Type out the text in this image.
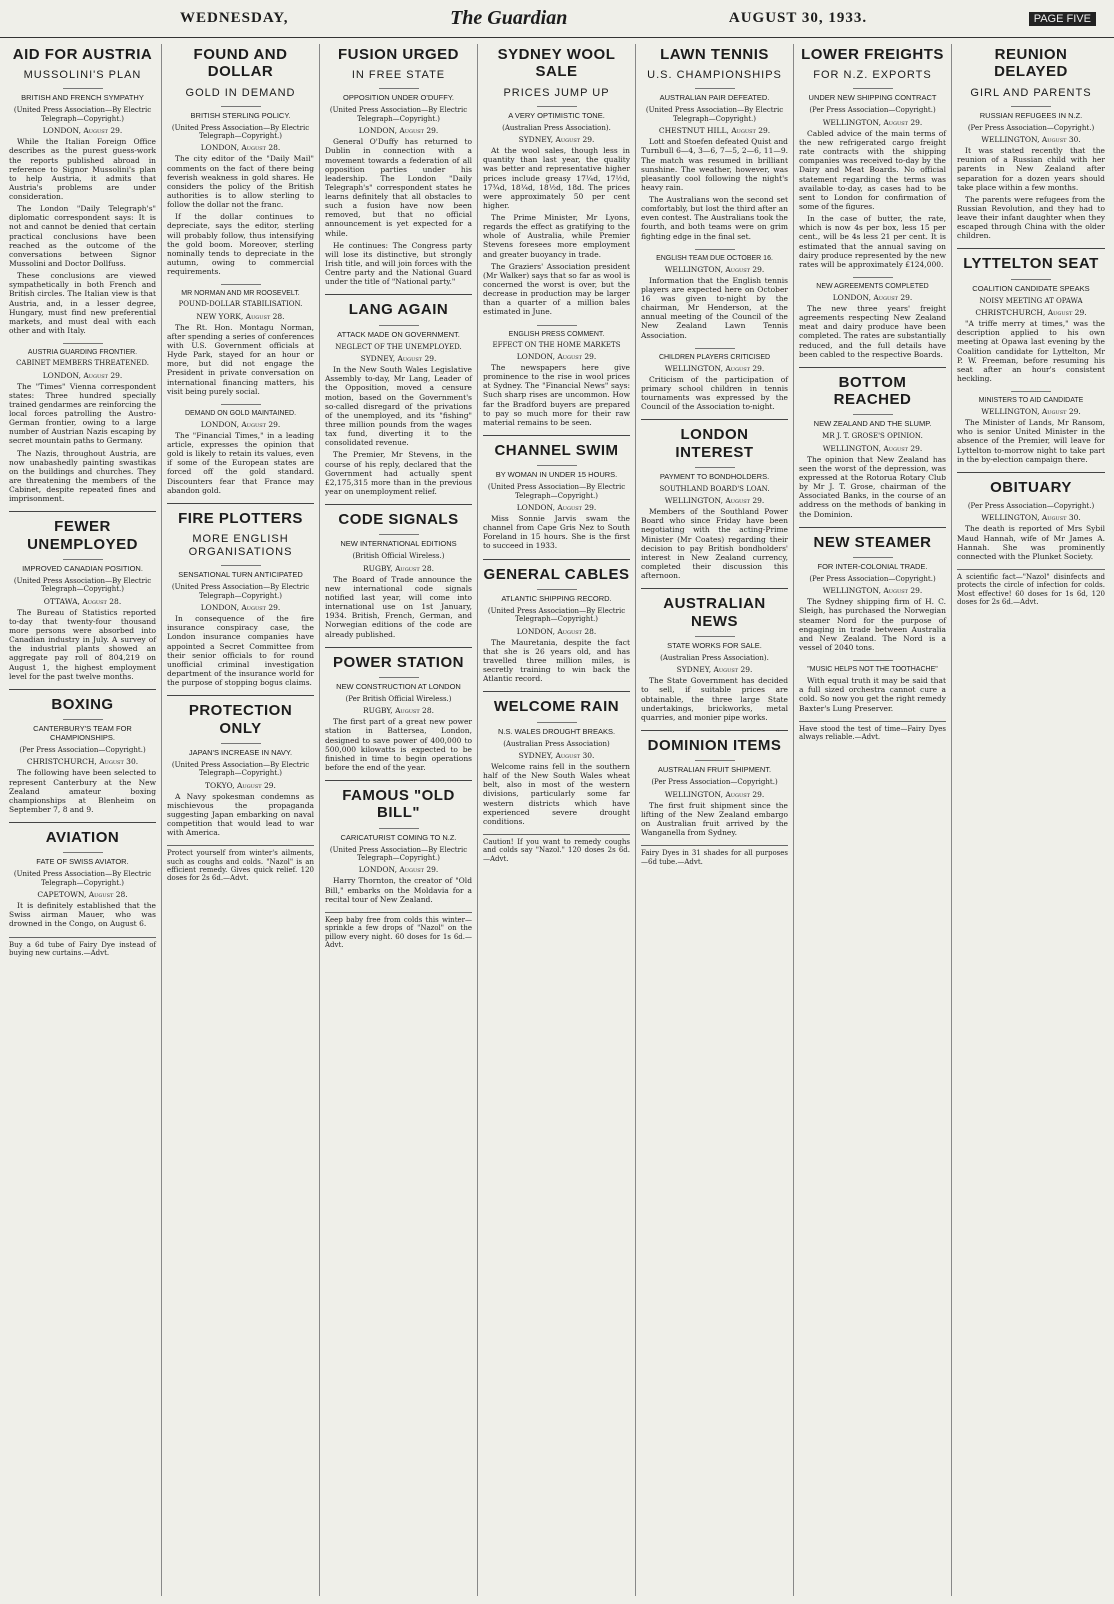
WEDNESDAY,	The Guardian	AUGUST 30, 1933.	PAGE FIVE
AID FOR AUSTRIA
MUSSOLINI'S PLAN
BRITISH AND FRENCH SYMPATHY
(United Press Association—By Electric Telegraph—Copyright.)
LONDON, August 29.
While the Italian Foreign Office describes as the purest guess-work the reports published abroad in reference to Signor Mussolini's plan to help Austria, it admits that Austria's problems are under consideration.
The London "Daily Telegraph's" diplomatic correspondent says: It is not and cannot be denied that certain practical conclusions have been reached as the outcome of the conversations between Signor Mussolini and Doctor Dollfuss.
These conclusions are viewed sympathetically in both French and British circles. The Italian view is that Austria, and, in a lesser degree, Hungary, must find new preferential markets, and must deal with each other and with Italy.
AUSTRIA GUARDING FRONTIER.
CABINET MEMBERS THREATENED.
LONDON, August 29.
The "Times" Vienna correspondent states: Three hundred specially trained gendarmes are reinforcing the local forces patrolling the Austro-German frontier, owing to a large number of Austrian Nazis escaping by secret mountain paths to Germany.
The Nazis, throughout Austria, are now unabashedly painting swastikas on the buildings and churches. They are threatening the members of the Cabinet, despite repeated fines and imprisonment.
FEWER UNEMPLOYED
IMPROVED CANADIAN POSITION.
(United Press Association—By Electric Telegraph—Copyright.)
OTTAWA, August 28.
The Bureau of Statistics reported to-day that twenty-four thousand more persons were absorbed into Canadian industry in July. A survey of the industrial plants showed an aggregate pay roll of 804,219 on August 1, the highest employment level for the past twelve months.
BOXING
CANTERBURY'S TEAM FOR CHAMPIONSHIPS.
(Per Press Association—Copyright.)
CHRISTCHURCH, August 30.
The following have been selected to represent Canterbury at the New Zealand amateur boxing championships at Blenheim on September 7, 8 and 9.
AVIATION
FATE OF SWISS AVIATOR.
(United Press Association—By Electric Telegraph—Copyright.)
CAPETOWN, August 28.
It is definitely established that the Swiss airman Mauer, who was drowned in the Congo, on August 6.
Buy a 6d tube of Fairy Dye instead of buying new curtains.—Advt.
FOUND AND DOLLAR
GOLD IN DEMAND
BRITISH STERLING POLICY.
(United Press Association—By Electric Telegraph—Copyright.)
LONDON, August 28.
The city editor of the "Daily Mail" comments on the fact of there being feverish weakness in gold shares. He considers the policy of the British authorities is to allow sterling to follow the dollar not the franc.
If the dollar continues to depreciate, says the editor, sterling will probably follow, thus intensifying the gold boom. Moreover, sterling nominally tends to depreciate in the autumn, owing to commercial requirements.
MR NORMAN AND MR ROOSEVELT.
POUND-DOLLAR STABILISATION.
NEW YORK, August 28.
The Rt. Hon. Montagu Norman, after spending a series of conferences with U.S. Government officials at Hyde Park, stayed for an hour or more, but did not engage the President in private conversation on international financing matters, his visit being purely social.
DEMAND ON GOLD MAINTAINED.
LONDON, August 29.
The "Financial Times," in a leading article, expresses the opinion that gold is likely to retain its values, even if some of the European states are forced off the gold standard. Discounters fear that France may abandon gold.
FIRE PLOTTERS
MORE ENGLISH ORGANISATIONS
SENSATIONAL TURN ANTICIPATED
(United Press Association—By Electric Telegraph—Copyright.)
LONDON, August 29.
In consequence of the fire insurance conspiracy case, the London insurance companies have appointed a Secret Committee from their senior officials to for round unofficial criminal investigation department of the insurance world for the purpose of stopping bogus claims.
PROTECTION ONLY
JAPAN'S INCREASE IN NAVY.
(United Press Association—By Electric Telegraph—Copyright.)
TOKYO, August 29.
A Navy spokesman condemns as mischievous the propaganda suggesting Japan embarking on naval competition that would lead to war with America.
Protect yourself from winter's ailments, such as coughs and colds. "Nazol" is an efficient remedy. Gives quick relief. 120 doses for 2s 6d.—Advt.
FUSION URGED
IN FREE STATE
OPPOSITION UNDER O'DUFFY.
(United Press Association—By Electric Telegraph—Copyright.)
LONDON, August 29.
General O'Duffy has returned to Dublin in connection with a movement towards a federation of all opposition parties under his leadership. The London "Daily Telegraph's" correspondent states he learns definitely that all obstacles to such a fusion have now been removed, but that no official announcement is yet expected for a while.
He continues: The Congress party will lose its distinctive, but strongly Irish title, and will join forces with the Centre party and the National Guard under the title of "National party."
LANG AGAIN
ATTACK MADE ON GOVERNMENT.
NEGLECT OF THE UNEMPLOYED.
SYDNEY, August 29.
In the New South Wales Legislative Assembly to-day, Mr Lang, Leader of the Opposition, moved a censure motion, based on the Government's so-called disregard of the privations of the unemployed, and its "fishing" three million pounds from the wages tax fund, diverting it to the consolidated revenue.
The Premier, Mr Stevens, in the course of his reply, declared that the Government had actually spent £2,175,315 more than in the previous year on unemployment relief.
CODE SIGNALS
NEW INTERNATIONAL EDITIONS
(British Official Wireless.)
RUGBY, August 28.
The Board of Trade announce the new international code signals notified last year, will come into international use on 1st January, 1934. British, French, German, and Norwegian editions of the code are already published.
POWER STATION
NEW CONSTRUCTION AT LONDON
(Per British Official Wireless.)
RUGBY, August 28.
The first part of a great new power station in Battersea, London, designed to save power of 400,000 to 500,000 kilowatts is expected to be finished in time to begin operations before the end of the year.
FAMOUS "OLD BILL"
CARICATURIST COMING TO N.Z.
(United Press Association—By Electric Telegraph—Copyright.)
LONDON, August 29.
Harry Thornton, the creator of "Old Bill," embarks on the Moldavia for a recital tour of New Zealand.
Keep baby free from colds this winter—sprinkle a few drops of "Nazol" on the pillow every night. 60 doses for 1s 6d.—Advt.
SYDNEY WOOL SALE
PRICES JUMP UP
A VERY OPTIMISTIC TONE.
(Australian Press Association).
SYDNEY, August 29.
At the wool sales, though less in quantity than last year, the quality was better and representative higher prices include greasy 17¼d, 17½d, 17¾d, 18¼d, 18½d, 18d. The prices were approximately 50 per cent higher.
The Prime Minister, Mr Lyons, regards the effect as gratifying to the whole of Australia, while Premier Stevens foresees more employment and greater buoyancy in trade.
The Graziers' Association president (Mr Walker) says that so far as wool is concerned the worst is over, but the decrease in production may be larger than a quarter of a million bales estimated in June.
ENGLISH PRESS COMMENT.
EFFECT ON THE HOME MARKETS
LONDON, August 29.
The newspapers here give prominence to the rise in wool prices at Sydney. The "Financial News" says: Such sharp rises are uncommon. How far the Bradford buyers are prepared to pay so much more for their raw material remains to be seen.
CHANNEL SWIM
BY WOMAN IN UNDER 15 HOURS.
(United Press Association—By Electric Telegraph—Copyright.)
LONDON, August 29.
Miss Sonnie Jarvis swam the channel from Cape Gris Nez to South Foreland in 15 hours. She is the first to succeed in 1933.
GENERAL CABLES
ATLANTIC SHIPPING RECORD.
(United Press Association—By Electric Telegraph—Copyright.)
LONDON, August 28.
The Mauretania, despite the fact that she is 26 years old, and has travelled three million miles, is secretly training to win back the Atlantic record.
WELCOME RAIN
N.S. WALES DROUGHT BREAKS.
(Australian Press Association)
SYDNEY, August 30.
Welcome rains fell in the southern half of the New South Wales wheat belt, also in most of the western divisions, particularly some far western districts which have experienced severe drought conditions.
Caution! If you want to remedy coughs and colds say "Nazol." 120 doses 2s 6d.—Advt.
LAWN TENNIS
U.S. CHAMPIONSHIPS
AUSTRALIAN PAIR DEFEATED.
(United Press Association—By Electric Telegraph—Copyright.)
CHESTNUT HILL, August 29.
Lott and Stoefen defeated Quist and Turnbull 6—4, 3—6, 7—5, 2—6, 11—9. The match was resumed in brilliant sunshine. The weather, however, was pleasantly cool following the night's heavy rain.
The Australians won the second set comfortably, but lost the third after an even contest. The Australians took the fourth, and both teams were on grim fighting edge in the final set.
ENGLISH TEAM DUE OCTOBER 16.
WELLINGTON, August 29.
Information that the English tennis players are expected here on October 16 was given to-night by the chairman, Mr Henderson, at the annual meeting of the Council of the New Zealand Lawn Tennis Association.
CHILDREN PLAYERS CRITICISED
WELLINGTON, August 29.
Criticism of the participation of primary school children in tennis tournaments was expressed by the Council of the Association to-night.
LONDON INTEREST
PAYMENT TO BONDHOLDERS.
SOUTHLAND BOARD'S LOAN.
WELLINGTON, August 29.
Members of the Southland Power Board who since Friday have been negotiating with the acting-Prime Minister (Mr Coates) regarding their decision to pay British bondholders' interest in New Zealand currency, completed their discussion this afternoon.
AUSTRALIAN NEWS
STATE WORKS FOR SALE.
(Australian Press Association).
SYDNEY, August 29.
The State Government has decided to sell, if suitable prices are obtainable, the three large State undertakings, brickworks, metal quarries, and monier pipe works.
DOMINION ITEMS
AUSTRALIAN FRUIT SHIPMENT.
(Per Press Association—Copyright.)
WELLINGTON, August 29.
The first fruit shipment since the lifting of the New Zealand embargo on Australian fruit arrived by the Wanganella from Sydney.
Fairy Dyes in 31 shades for all purposes—6d tube.—Advt.
LOWER FREIGHTS
FOR N.Z. EXPORTS
UNDER NEW SHIPPING CONTRACT
(Per Press Association—Copyright.)
WELLINGTON, August 29.
Cabled advice of the main terms of the new refrigerated cargo freight rate contracts with the shipping companies was received to-day by the Dairy and Meat Boards. No official statement regarding the terms was available to-day, as cases had to be sent to London for confirmation of some of the figures.
In the case of butter, the rate, which is now 4s per box, less 15 per cent., will be 4s less 21 per cent. It is estimated that the annual saving on dairy produce represented by the new rates will be approximately £124,000.
NEW AGREEMENTS COMPLETED
LONDON, August 29.
The new three years' freight agreements respecting New Zealand meat and dairy produce have been completed. The rates are substantially reduced, and the full details have been cabled to the respective Boards.
BOTTOM REACHED
NEW ZEALAND AND THE SLUMP.
MR J. T. GROSE'S OPINION.
WELLINGTON, August 29.
The opinion that New Zealand has seen the worst of the depression, was expressed at the Rotorua Rotary Club by Mr J. T. Grose, chairman of the Associated Banks, in the course of an address on the methods of banking in the Dominion.
NEW STEAMER
FOR INTER-COLONIAL TRADE.
(Per Press Association—Copyright.)
WELLINGTON, August 29.
The Sydney shipping firm of H. C. Sleigh, has purchased the Norwegian steamer Nord for the purpose of engaging in trade between Australia and New Zealand. The Nord is a vessel of 2040 tons.
"MUSIC HELPS NOT THE TOOTHACHE"
With equal truth it may be said that a full sized orchestra cannot cure a cold. So now you get the right remedy Baxter's Lung Preserver.
Have stood the test of time—Fairy Dyes always reliable.—Advt.
REUNION DELAYED
GIRL AND PARENTS
RUSSIAN REFUGEES IN N.Z.
(Per Press Association—Copyright.)
WELLINGTON, August 30.
It was stated recently that the reunion of a Russian child with her parents in New Zealand after separation for a dozen years should take place within a few months.
The parents were refugees from the Russian Revolution, and they had to leave their infant daughter when they escaped through China with the older children.
LYTTELTON SEAT
COALITION CANDIDATE SPEAKS
NOISY MEETING AT OPAWA
CHRISTCHURCH, August 29.
"A triffe merry at times," was the description applied to his own meeting at Opawa last evening by the Coalition candidate for Lyttelton, Mr P. W. Freeman, before resuming his seat after an hour's consistent heckling.
MINISTERS TO AID CANDIDATE
WELLINGTON, August 29.
The Minister of Lands, Mr Ransom, who is senior United Minister in the absence of the Premier, will leave for Lyttelton to-morrow night to take part in the by-election campaign there.
OBITUARY
(Per Press Association—Copyright.)
WELLINGTON, August 30.
The death is reported of Mrs Sybil Maud Hannah, wife of Mr James A. Hannah. She was prominently connected with the Plunket Society.
A scientific fact—"Nazol" disinfects and protects the circle of infection for colds. Most effective! 60 doses for 1s 6d, 120 doses for 2s 6d.—Advt.
